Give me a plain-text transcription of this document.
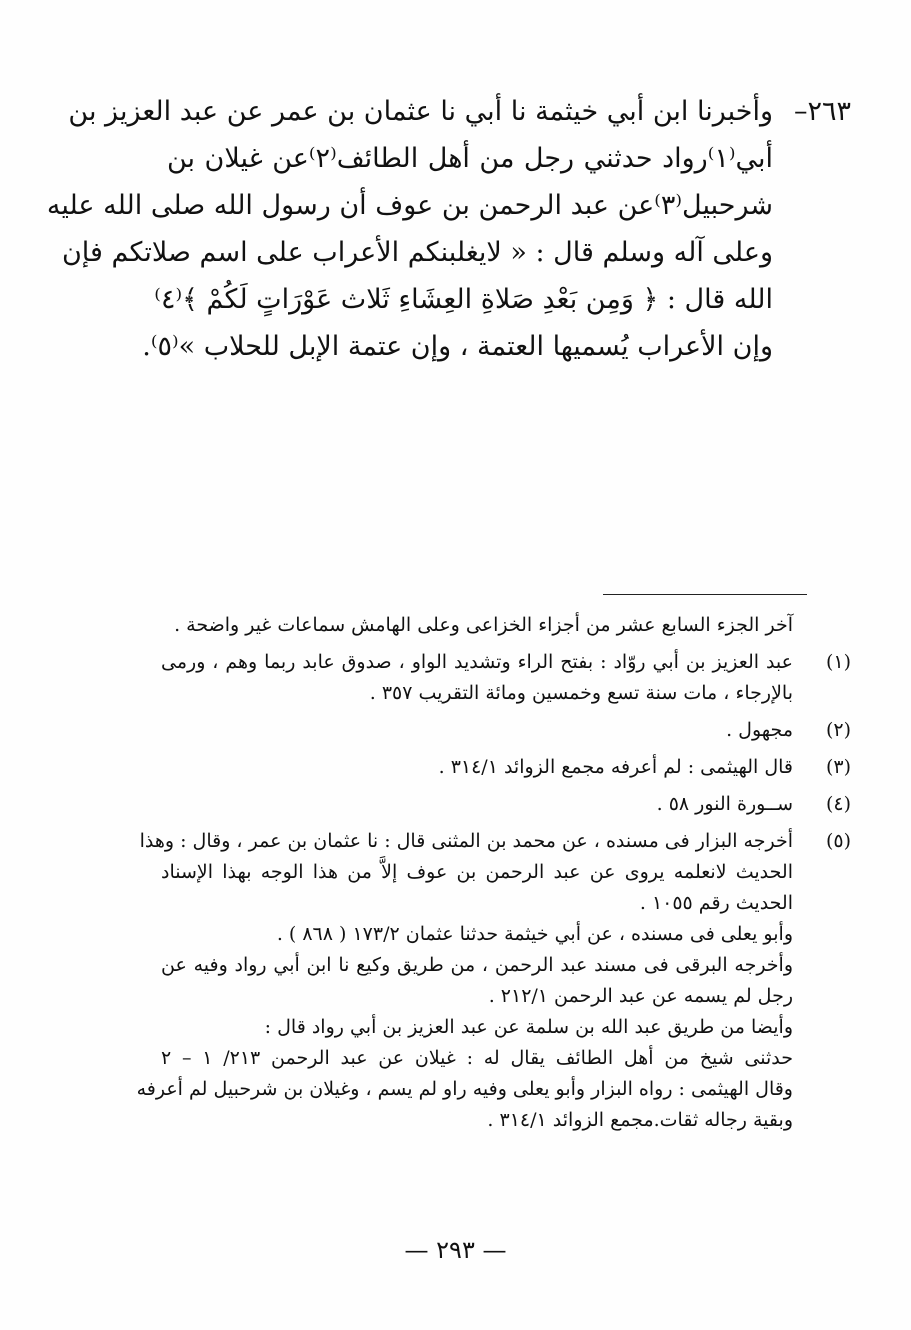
٢٦٣–
وأخبرنا ابن أبي خيثمة نا أبي نا عثمان بن عمر عن عبد العزيز بن
أبي⁽١⁾رواد حدثني رجل من أهل الطائف⁽٢⁾عن غيلان بن
شرحبيل⁽٣⁾عن عبد الرحمن بن عوف أن رسول الله صلى الله عليه
وعلى آله وسلم قال : « لايغلبنكم الأعراب على اسم صلاتكم فإن
الله قال : ﴿ وَمِن بَعْدِ صَلاةِ العِشَاءِ ثَلاث عَوْرَاتٍ لَكُمْ ﴾⁽٤⁾
وإن الأعراب يُسميها العتمة ، وإن عتمة الإبل للحلاب »⁽٥⁾.
آخر الجزء السابع عشر من أجزاء الخزاعى وعلى الهامش سماعات غير واضحة .
(١)
عبد العزيز بن أبي روّاد : بفتح الراء وتشديد الواو ، صدوق عابد ربما وهم ، ورمى
بالإرجاء ، مات سنة تسع وخمسين ومائة التقريب ٣٥٧ .
(٢)
مجهول .
(٣)
قال الهيثمى : لم أعرفه مجمع الزوائد ٣١٤/١ .
(٤)
ســورة النور ٥٨ .
(٥)
أخرجه البزار فى مسنده ، عن محمد بن المثنى قال : نا عثمان بن عمر ، وقال : وهذا
الحديث لانعلمه يروى عن عبد الرحمن بن عوف إلاَّ من هذا الوجه بهذا الإسناد
الحديث رقم ١٠٥٥ .
وأبو يعلى فى مسنده ، عن أبي خيثمة حدثنا عثمان ١٧٣/٢ ( ٨٦٨ ) .
وأخرجه البرقى فى مسند عبد الرحمن ، من طريق وكيع نا ابن أبي رواد وفيه عن
رجل لم يسمه عن عبد الرحمن ٢١٢/١ .
وأيضا من طريق عبد الله بن سلمة عن عبد العزيز بن أبي رواد قال :
حدثنى شيخ من أهل الطائف يقال له : غيلان عن عبد الرحمن ٢١٣/ ١ – ٢
وقال الهيثمى : رواه البزار وأبو يعلى وفيه راو لم يسم ، وغيلان بن شرحبيل لم أعرفه
وبقية رجاله ثقات.مجمع الزوائد ٣١٤/١ .
— ٢٩٣ —
